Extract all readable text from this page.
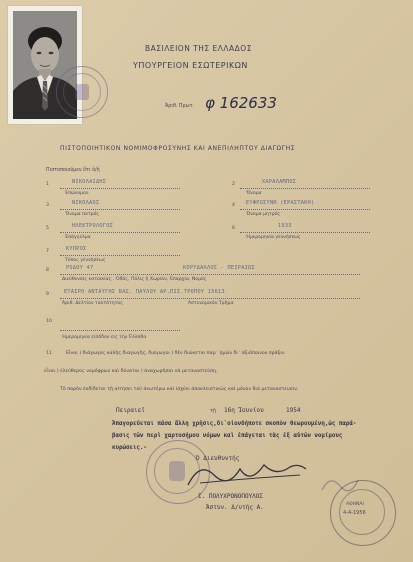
ΒΑΣΙΛΕΙΟΝ ΤΗΣ ΕΛΛΑΔΟΣ
ΥΠΟΥΡΓΕΙΟΝ ΕΣΩΤΕΡΙΚΩΝ
Ἀριθ. Πρωτ. φ 162633
ΠΙΣΤΟΠΟΙΗΤΙΚΟΝ ΝΟΜΙΜΟΦΡΟΣΥΝΗΣ ΚΑΙ ΑΝΕΠΙΛΗΠΤΟΥ ΔΙΑΓΩΓΗΣ
Πιστοποιοῦμεν ὅτι ὁ/ἡ
1	ΝΙΚΟΛΑΙΔΗΣ
Ἐπώνυμον
2	ΧΑΡΑΛΑΜΠΟΣ
Ὄνομα
3	ΝΙΚΟΛΑΟΣ
Ὄνομα πατρός
4 ΕΥΦΡΟΣΥΝΗ (ΕΡΑΣΤΑΚΗ)
Ὄνομα μητρός
5	ΗΛΕΚΤΡΟΛΟΓΟΣ
Ἐπάγγελμα
6	1933
Ἡμερομηνία γεννήσεως
7	ΚΥΠΡΟΣ
Τόπος γεννήσεως
8	ΡΟΔΟΥ 47	ΚΟΡΥΔΑΛΛΟΣ - ΠΕΙΡΑΙΩΣ
Διεύθυνσις κατοικίας . Ὁδός, Πόλις ἢ Χωρίον, Ἐπαρχία, Νομός
9	ΕΤΑΙΡΟ ΑΝΤΑΥΓΗΣ ΒΑΣ. ΠΑΥΛΟΥ ΑΡ.ΠΙΣ.ΤΡΟΠΟΥ 15613
Ἀριθ. Δελτίου ταυτότητος	Ἀστυνομικὸν Τμῆμα
10
Ἡμερομηνία εἰσόδου εἰς τὴν Ἑλλάδα
11	Εἶναι ) διάγωγος καλῆς διαγωγῆς, διάγωγοι ) δὲν διώκεται παρ᾽ ἡμῶν δι᾽ ἀξιόποινον πρᾶξιν
εἶναι ) ἐλεύθερος νομόφρων καὶ δύναται ) ἀναχωρῆσαι νὰ μεταναστεύσῃ.
Τὸ παρὸν ἐκδίδεται τῇ αἰτήσει τοῦ ἀνωτέρω καὶ ἰσχύει ἀποκλειστικῶς καὶ μόνον διὰ μεταναστευσιν.
Πειραιεῖ	τῇ 16η Ἰουνίου	1954
Ἀπαγορεύεται πᾶσα ἄλλη χρῆσις,δι᾽οἱονδήποτε σκοπὸν θεωρουμένη,ὡς παρά-
βασις τῶν περὶ χαρτοσήμου νόμων καὶ ἐπάγεται τὰς ἐξ αὐτῶν νομίμους
κυρώσεις.-
Ὁ Διευθυντής
Ι. ΠΟΛΥΧΡΟΝΟΠΟΥΛΟΣ
Ἀστυν. Δ/ντής Α.	ΑΘΗΝΑΙ
4-4-1956
